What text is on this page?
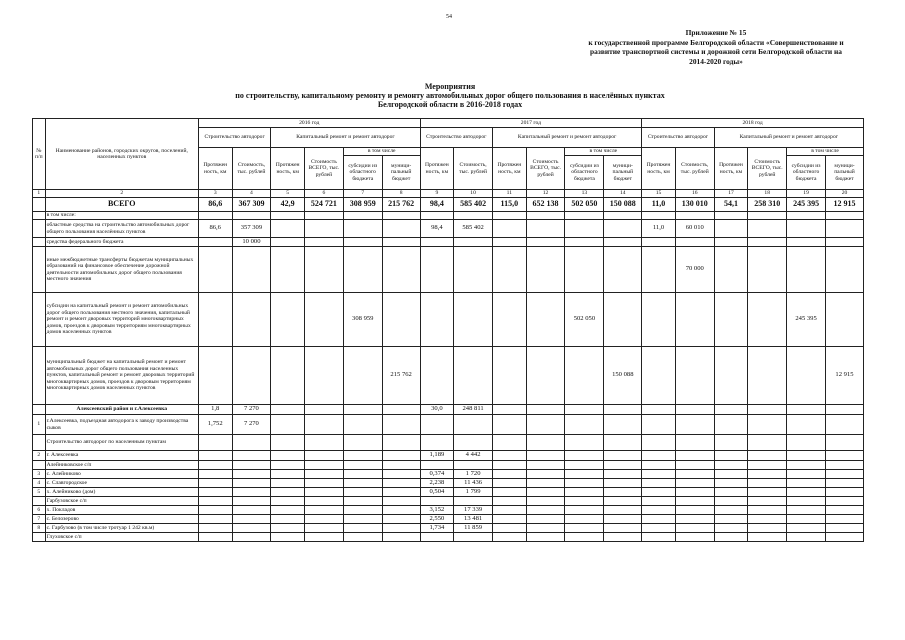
54
Приложение № 15
к государственной программе Белгородской области «Совершенствование и
развитие транспортной системы и дорожной сети Белгородской области на
2014-2020 годы»
Мероприятия
по строительству, капитальному ремонту и ремонту автомобильных дорог общего пользования в населённых пунктах
Белгородской области в 2016-2018 годах
№ п/п	Наименование районов, городских округов, поселений, населенных пунктов	2016 год						2017 год						2018 год					
		Строительство автодорог		Капитальный ремонт и ремонт автодорог				Строительство автодорог		Капитальный ремонт и ремонт автодорог				Строительство автодорог		Капитальный ремонт и ремонт автодорог			
		Протяжен ность, км	Стоимость, тыс. рублей	Протяжен ность, км	Стоимость ВСЕГО, тыс. рублей	в том числе		Протяжен ность, км	Стоимость, тыс. рублей	Протяжен ность, км	Стоимость ВСЕГО, тыс. рублей	в том числе		Протяжен ность, км	Стоимость, тыс. рублей	Протяжен ность, км	Стоимость ВСЕГО, тыс. рублей	в том числе	
						субсидии из областного бюджета	муници-пальный бюджет					субсидии из областного бюджета	муници-пальный бюджет					субсидии из областного бюджета	муници-пальный бюджет
1	2	3	4	5	6	7	8	9	10	11	12	13	14	15	16	17	18	19	20
	ВСЕГО	86,6	367 309	42,9	524 721	308 959	215 762	98,4	585 402	115,0	652 138	502 050	150 088	11,0	130 010	54,1	258 310	245 395	12 915
	в том числе:																		
	областные средства на строительство автомобильных дорог общего пользования населённых пунктов	86,6	357 309					98,4	585 402					11,0	60 010				
	средства федерального бюджета		10 000																
	иные межбюджетные трансферты бюджетам муниципальных образований на финансовое обеспечение дорожной деятельности автомобильных дорог общего пользования местного значения														70 000				
	субсидии на капитальный ремонт и ремонт автомобильных дорог общего пользования местного значения, капитальный ремонт и ремонт дворовых территорий многоквартирных домов, проездов к дворовым территориям многоквартирных домов населенных пунктов					308 959						502 050						245 395	
	муниципальный бюджет на капитальный ремонт и ремонт автомобильных дорог общего пользования населенных пунктов, капитальный ремонт и ремонт дворовых территорий многоквартирных домов, проездов к дворовым территориям многоквартирных домов населенных пунктов						215 762						150 088						12 915
	Алексеевский район и г.Алексеевка	1,8	7 270					30,0	248 811										
1	г.Алексеевка, подъездная автодорога к заводу производства сыков	1,752	7 270																
	Строительство автодорог по населенным пунктам																		
2	г. Алексеевка							1,189	4 442										
	Алейниковское с/п																		
3	с. Алейниково							0,374	1 720										
4	с. Славгородское							2,238	11 436										
5	х. Алейниково (дом)							0,504	1 799										
	Гарбузовское с/п																		
6	х. Покладов							3,152	17 339										
7	с. Белозерово							2,550	13 481										
8	с. Гарбузово (в том числе тротуар 1 242 кв.м)							1,734	11 859										
	Глуховское с/п																		
